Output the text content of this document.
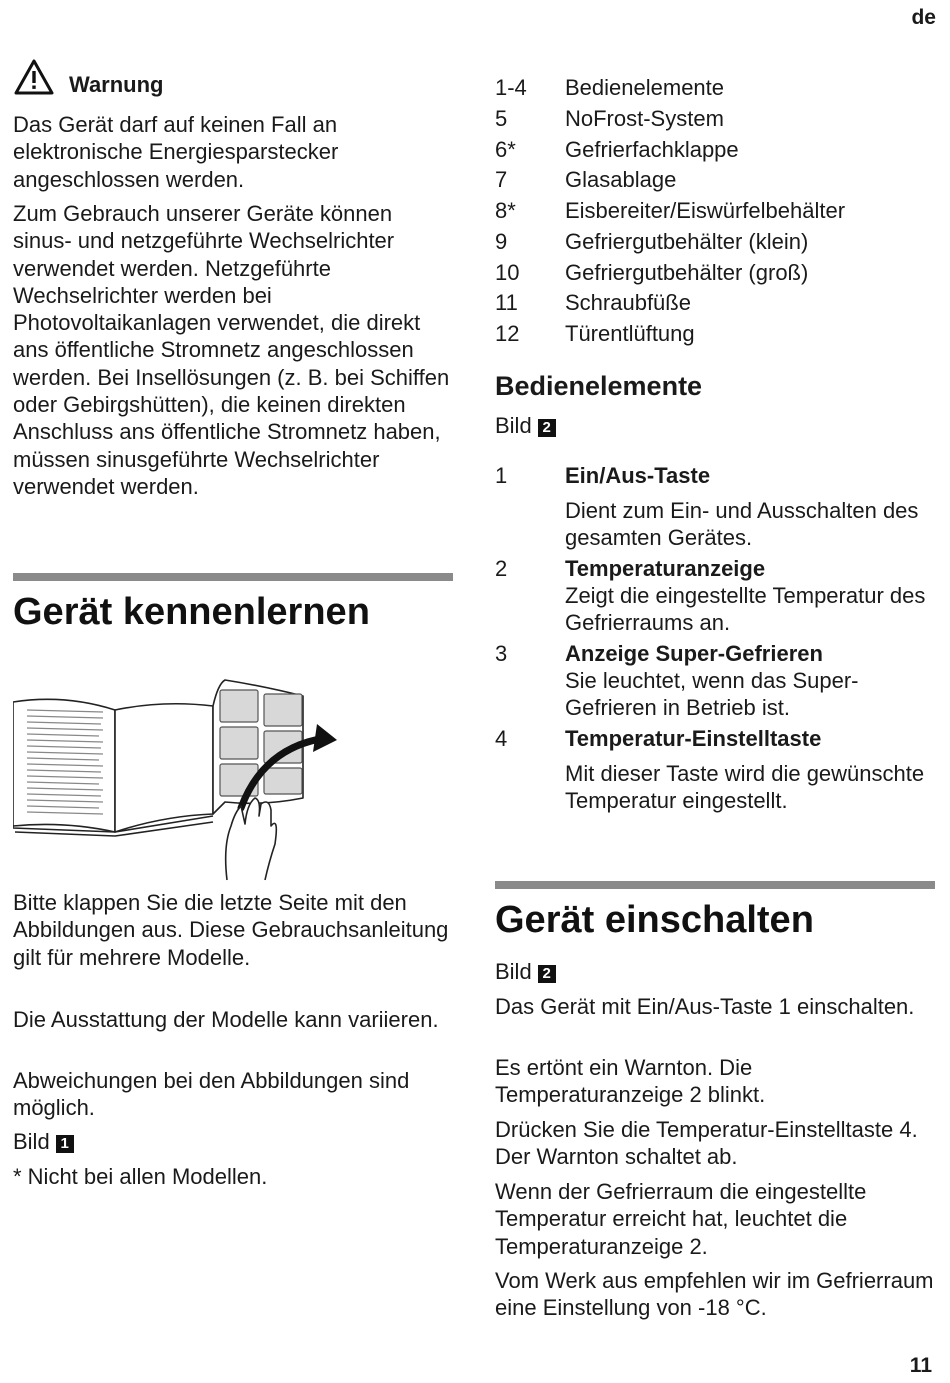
de
11
Warnung

Das Gerät darf auf keinen Fall an elektronische Energiesparstecker angeschlossen werden.

Zum Gebrauch unserer Geräte können sinus- und netzgeführte Wechselrichter verwendet werden. Netzgeführte Wechselrichter werden bei Photovoltaikanlagen verwendet, die direkt ans öffentliche Stromnetz angeschlossen werden. Bei Insellösungen (z. B. bei Schiffen oder Gebirgshütten), die keinen direkten Anschluss ans öffentliche Stromnetz haben, müssen sinusgeführte Wechselrichter verwendet werden.

Gerät kennenlernen

Bitte klappen Sie die letzte Seite mit den Abbildungen aus. Diese Gebrauchsanleitung gilt für mehrere Modelle.

Die Ausstattung der Modelle kann variieren.

Abweichungen bei den Abbildungen sind möglich.

Bild 1

* Nicht bei allen Modellen.

1-4	Bedienelemente
5	NoFrost-System
6*	Gefrierfachklappe
7	Glasablage
8*	Eisbereiter/Eiswürfelbehälter
9	Gefriergutbehälter (klein)
10	Gefriergutbehälter (groß)
11	Schraubfüße
12	Türentlüftung
Bedienelemente

Bild 2

1	Ein/Aus-Taste

Dient zum Ein- und Ausschalten des gesamten Gerätes.

2	Temperaturanzeige

Zeigt die eingestellte Temperatur des Gefrierraums an.

3	Anzeige Super-Gefrieren

Sie leuchtet, wenn das Super-Gefrieren in Betrieb ist.

4	Temperatur-Einstelltaste

Mit dieser Taste wird die gewünschte Temperatur eingestellt.

Gerät einschalten

Bild 2

Das Gerät mit Ein/Aus-Taste 1 einschalten.

Es ertönt ein Warnton. Die Temperaturanzeige 2 blinkt.

Drücken Sie die Temperatur-Einstelltaste 4. Der Warnton schaltet ab.

Wenn der Gefrierraum die eingestellte Temperatur erreicht hat, leuchtet die Temperaturanzeige 2.

Vom Werk aus empfehlen wir im Gefrierraum eine Einstellung von -18 °C.
